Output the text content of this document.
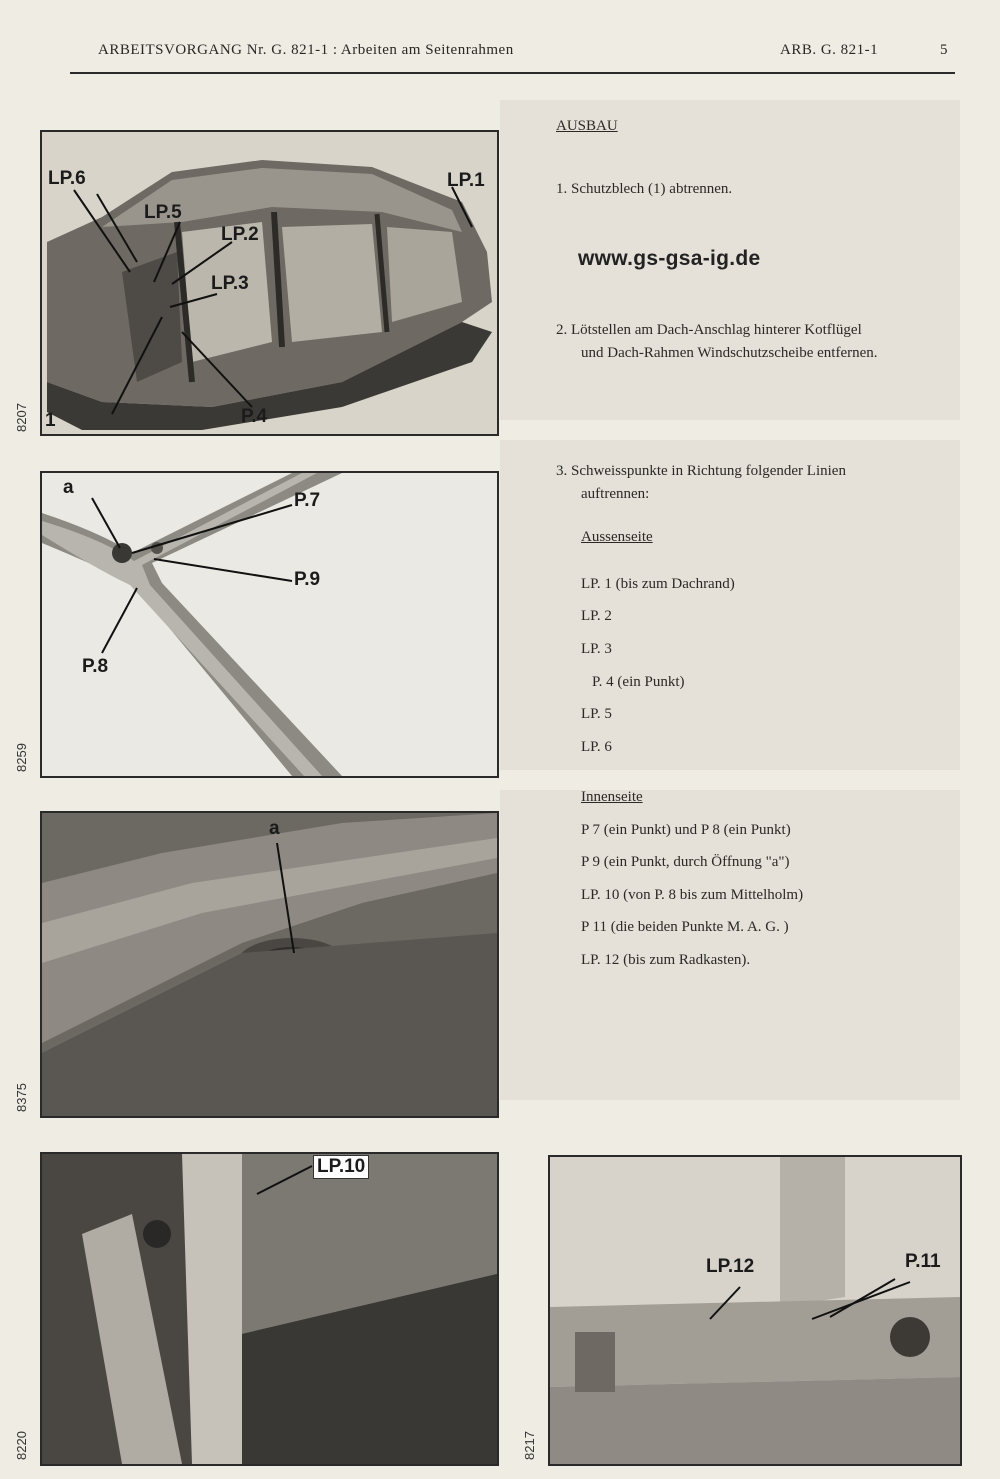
ARBEITSVORGANG Nr. G. 821-1 : Arbeiten am Seitenrahmen	ARB. G. 821-1	5
LP.6
LP.5
LP.2
LP.3
LP.1
1	P.4
8207
a
P.7
P.9
P.8
8259
a
8375
LP.10
8220
LP.12	P.11
8217
AUSBAU
1. Schutzblech (1) abtrennen.
www.gs-gsa-ig.de
2. Lötstellen am Dach-Anschlag hinterer Kotflügel
und Dach-Rahmen Windschutzscheibe entfernen.
3. Schweisspunkte in Richtung folgender Linien
auftrennen:
Aussenseite
LP. 1 (bis zum Dachrand)
LP. 2
LP. 3
P. 4 (ein Punkt)
LP. 5
LP. 6
Innenseite
P 7 (ein Punkt) und P 8 (ein Punkt)
P 9 (ein Punkt, durch Öffnung "a")
LP. 10 (von P. 8 bis zum Mittelholm)
P 11 (die beiden Punkte M. A. G. )
LP. 12 (bis zum Radkasten).
